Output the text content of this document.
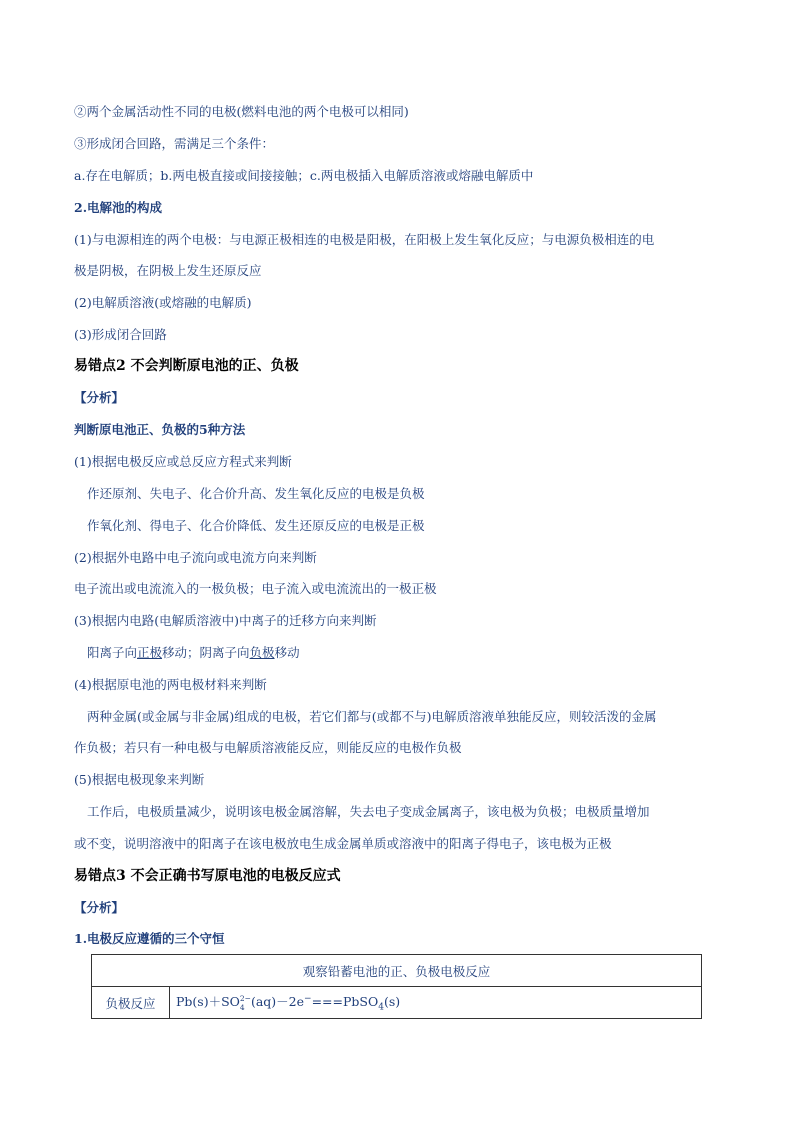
②两个金属活动性不同的电极(燃料电池的两个电极可以相同)
③形成闭合回路，需满足三个条件：
a.存在电解质；b.两电极直接或间接接触；c.两电极插入电解质溶液或熔融电解质中
2.电解池的构成
(1)与电源相连的两个电极：与电源正极相连的电极是阳极，在阳极上发生氧化反应；与电源负极相连的电
极是阴极，在阴极上发生还原反应
(2)电解质溶液(或熔融的电解质)
(3)形成闭合回路
易错点2 不会判断原电池的正、负极
【分析】
判断原电池正、负极的5种方法
(1)根据电极反应或总反应方程式来判断
作还原剂、失电子、化合价升高、发生氧化反应的电极是负极
作氧化剂、得电子、化合价降低、发生还原反应的电极是正极
(2)根据外电路中电子流向或电流方向来判断
电子流出或电流流入的一极负极；电子流入或电流流出的一极正极
(3)根据内电路(电解质溶液中)中离子的迁移方向来判断
阳离子向正极移动；阴离子向负极移动
(4)根据原电池的两电极材料来判断
两种金属(或金属与非金属)组成的电极，若它们都与(或都不与)电解质溶液单独能反应，则较活泼的金属
作负极；若只有一种电极与电解质溶液能反应，则能反应的电极作负极
(5)根据电极现象来判断
工作后，电极质量减少，说明该电极金属溶解，失去电子变成金属离子，该电极为负极；电极质量增加
或不变，说明溶液中的阳离子在该电极放电生成金属单质或溶液中的阳离子得电子，该电极为正极
易错点3 不会正确书写原电池的电极反应式
【分析】
1.电极反应遵循的三个守恒
观察铅蓄电池的正、负极电极反应
负极反应	Pb(s)＋SO 2−
4 (aq)－2e−===PbSO$_4$(s)
